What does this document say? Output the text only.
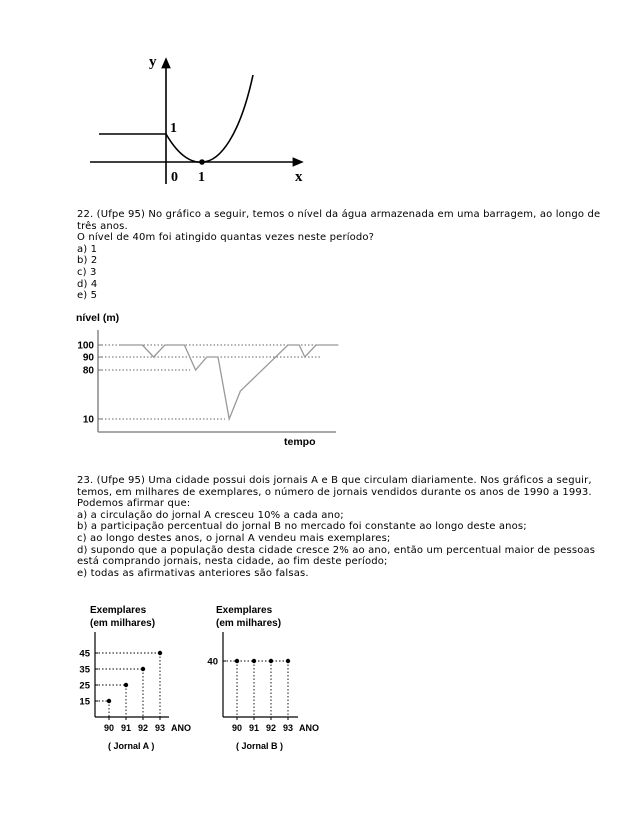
y
x
0 1
1
22. (Ufpe 95) No gráfico a seguir, temos o nível da água armazenada em uma barragem, ao longo de
três anos.
O nível de 40m foi atingido quantas vezes neste período?
a) 1
b) 2
c) 3
d) 4
e) 5
nível (m)
100
90
80
10
tempo
23. (Ufpe 95) Uma cidade possui dois jornais A e B que circulam diariamente. Nos gráficos a seguir,
temos, em milhares de exemplares, o número de jornais vendidos durante os anos de 1990 a 1993.
Podemos afirmar que:
a) a circulação do jornal A cresceu 10% a cada ano;
b) a participação percentual do jornal B no mercado foi constante ao longo deste anos;
c) ao longo destes anos, o jornal A vendeu mais exemplares;
d) supondo que a população desta cidade cresce 2% ao ano, então um percentual maior de pessoas
está comprando jornais, nesta cidade, ao fim deste período;
e) todas as afirmativas anteriores são falsas.
Exemplares
(em milhares)
45
35
25
15
90 91 92 93 ANO
( Jornal A )
Exemplares
(em milhares)
40
90 91 92 93 ANO
( Jornal B )
